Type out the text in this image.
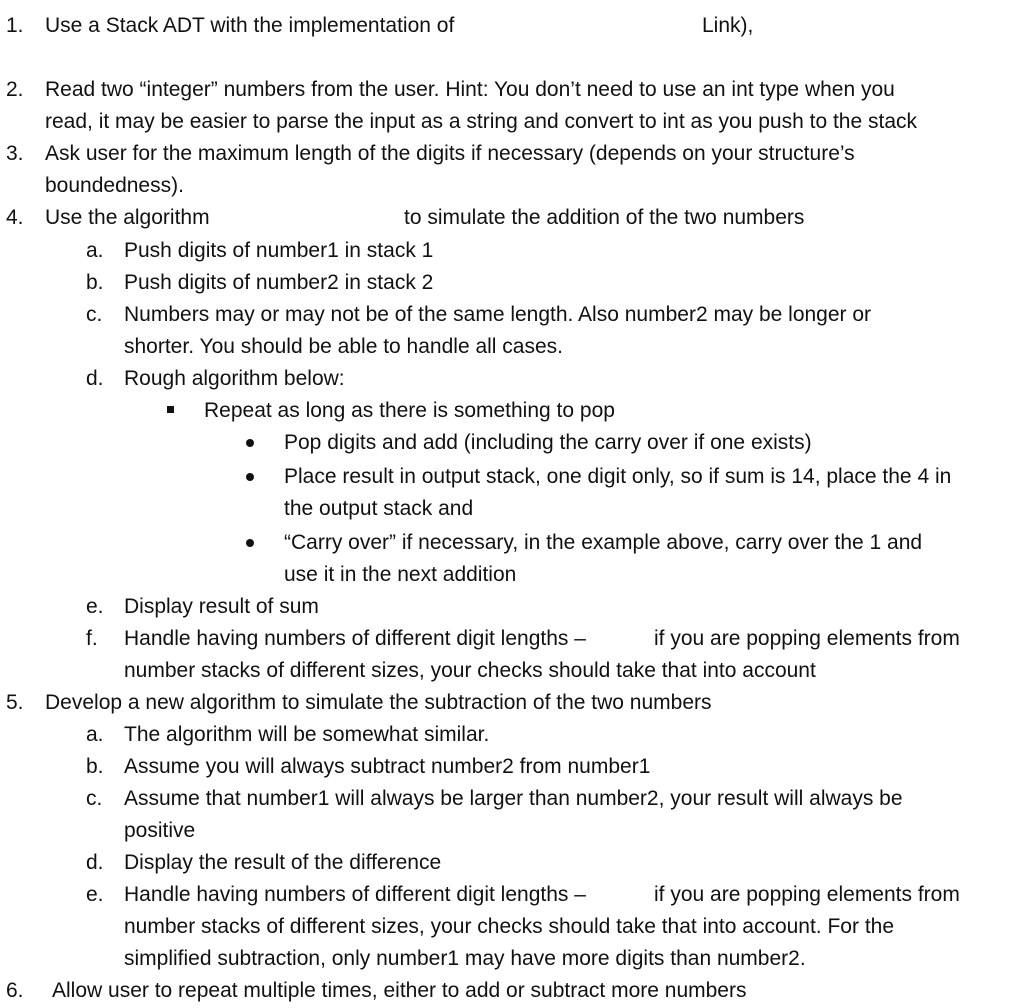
1. Use a Stack ADT with the implementation of	Link),
2. Read two “integer” numbers from the user. Hint: You don’t need to use an int type when you
read, it may be easier to parse the input as a string and convert to int as you push to the stack
3. Ask user for the maximum length of the digits if necessary (depends on your structure’s
boundedness).
4. Use the algorithm	to simulate the addition of the two numbers
a. Push digits of number1 in stack 1
b. Push digits of number2 in stack 2
c. Numbers may or may not be of the same length. Also number2 may be longer or
shorter. You should be able to handle all cases.
d. Rough algorithm below:
Repeat as long as there is something to pop
Pop digits and add (including the carry over if one exists)
Place result in output stack, one digit only, so if sum is 14, place the 4 in
the output stack and
“Carry over” if necessary, in the example above, carry over the 1 and
use it in the next addition
e. Display result of sum
f. Handle having numbers of different digit lengths –	if you are popping elements from
number stacks of different sizes, your checks should take that into account
5. Develop a new algorithm to simulate the subtraction of the two numbers
a. The algorithm will be somewhat similar.
b. Assume you will always subtract number2 from number1
c. Assume that number1 will always be larger than number2, your result will always be
positive
d. Display the result of the difference
e. Handle having numbers of different digit lengths –	if you are popping elements from
number stacks of different sizes, your checks should take that into account. For the
simplified subtraction, only number1 may have more digits than number2.
6. Allow user to repeat multiple times, either to add or subtract more numbers
